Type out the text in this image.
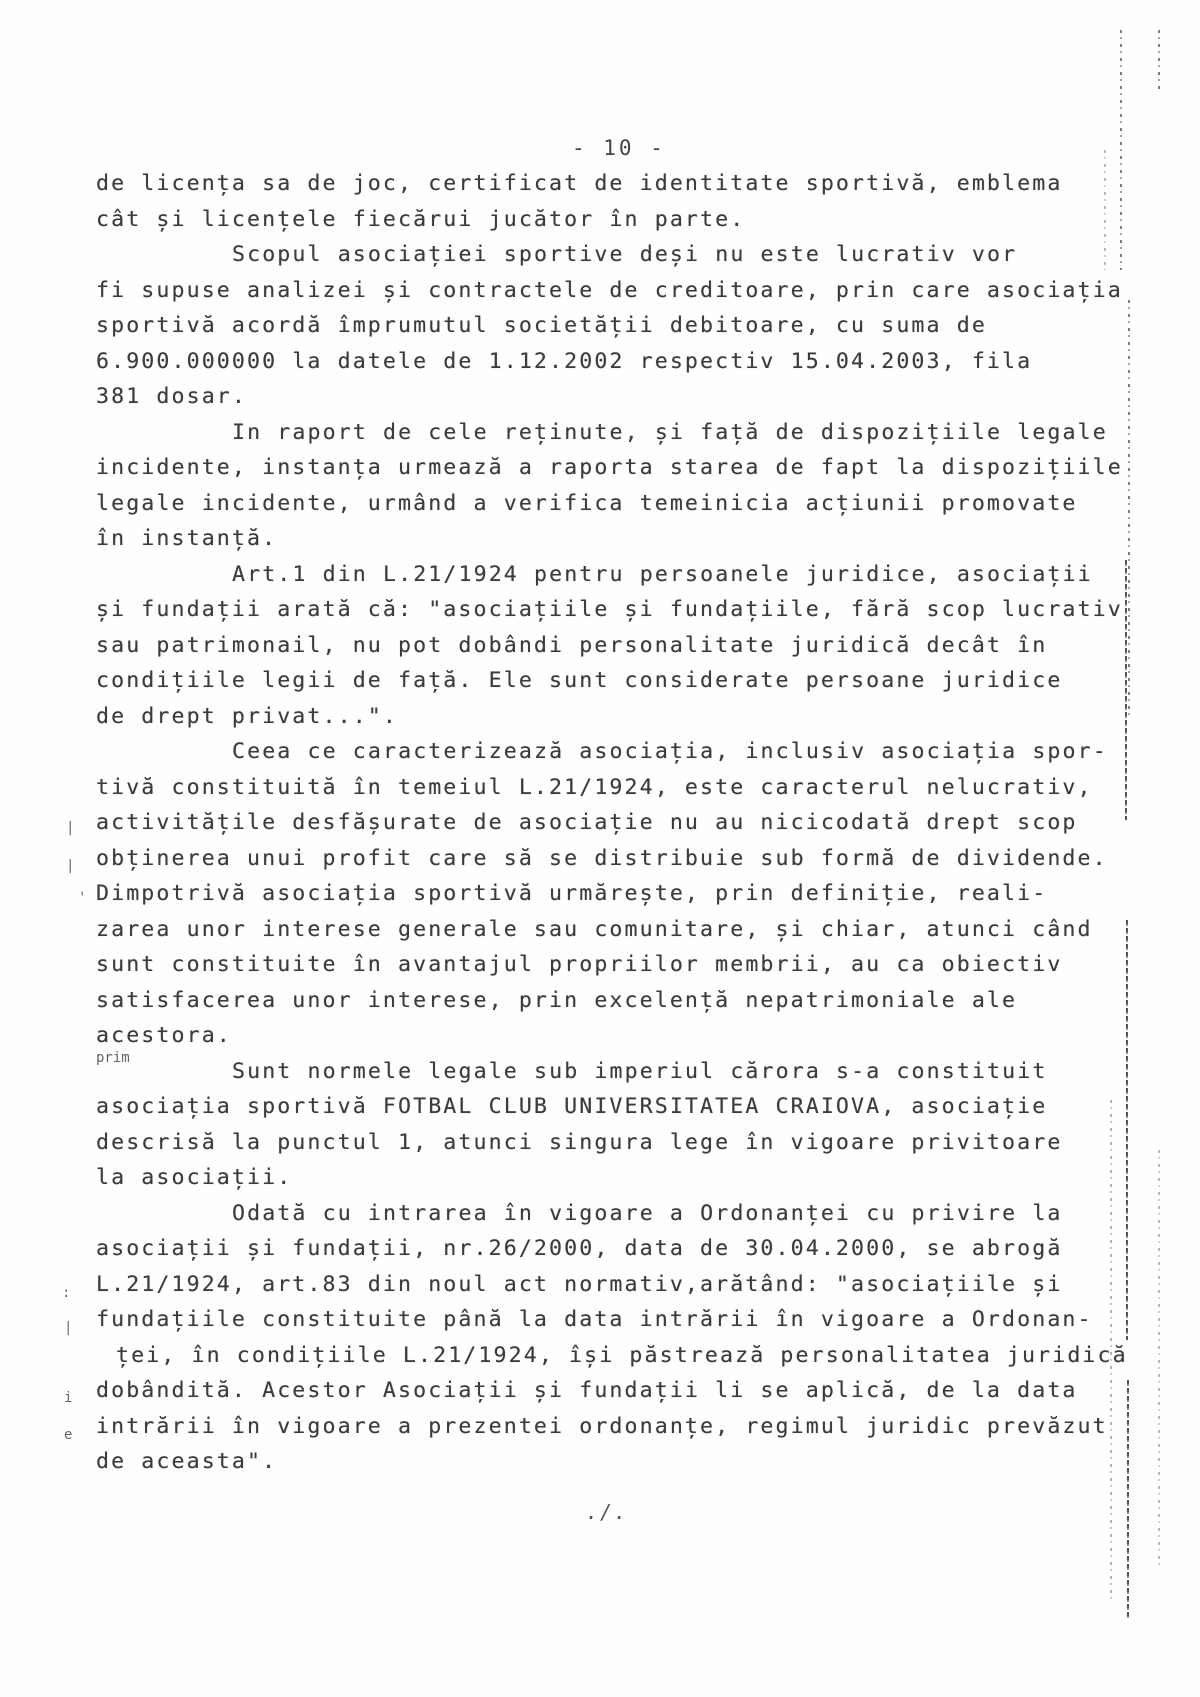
- 10 -
de licența sa de joc, certificat de identitate sportivă, emblema
cât și licențele fiecărui jucător în parte.
Scopul asociației sportive deși nu este lucrativ vor
fi supuse analizei și contractele de creditoare, prin care asociația
sportivă acordă împrumutul societății debitoare, cu suma de
6.900.000000 la datele de 1.12.2002 respectiv 15.04.2003, fila
381 dosar.
In raport de cele reținute, și față de dispozițiile legale
incidente, instanța urmează a raporta starea de fapt la dispozițiile
legale incidente, urmând a verifica temeinicia acțiunii promovate
în instanță.
Art.1 din L.21/1924 pentru persoanele juridice, asociații
și fundații arată că: "asociațiile și fundațiile, fără scop lucrativ
sau patrimonail, nu pot dobândi personalitate juridică decât în
condițiile legii de față. Ele sunt considerate persoane juridice
de drept privat...".
Ceea ce caracterizează asociația, inclusiv asociația spor-
tivă constituită în temeiul L.21/1924, este caracterul nelucrativ,
activitățile desfășurate de asociație nu au nicicodată drept scop
obținerea unui profit care să se distribuie sub formă de dividende.
Dimpotrivă asociația sportivă urmărește, prin definiție, reali-
zarea unor interese generale sau comunitare, și chiar, atunci când
sunt constituite în avantajul propriilor membrii, au ca obiectiv
satisfacerea unor interese, prin excelență nepatrimoniale ale
acestora.
Sunt normele legale sub imperiul cărora s-a constituit
asociația sportivă FOTBAL CLUB UNIVERSITATEA CRAIOVA, asociație
descrisă la punctul 1, atunci singura lege în vigoare privitoare
la asociații.
Odată cu intrarea în vigoare a Ordonanței cu privire la
asociații și fundații, nr.26/2000, data de 30.04.2000, se abrogă
L.21/1924, art.83 din noul act normativ,arătând: "asociațiile și
fundațiile constituite până la data intrării în vigoare a Ordonan-
ței, în condițiile L.21/1924, își păstrează personalitatea juridică
dobândită. Acestor Asociații și fundații li se aplică, de la data
intrării în vigoare a prezentei ordonanțe, regimul juridic prevăzut
de aceasta".
./.
|
|
'
prim
:
|
i
e
